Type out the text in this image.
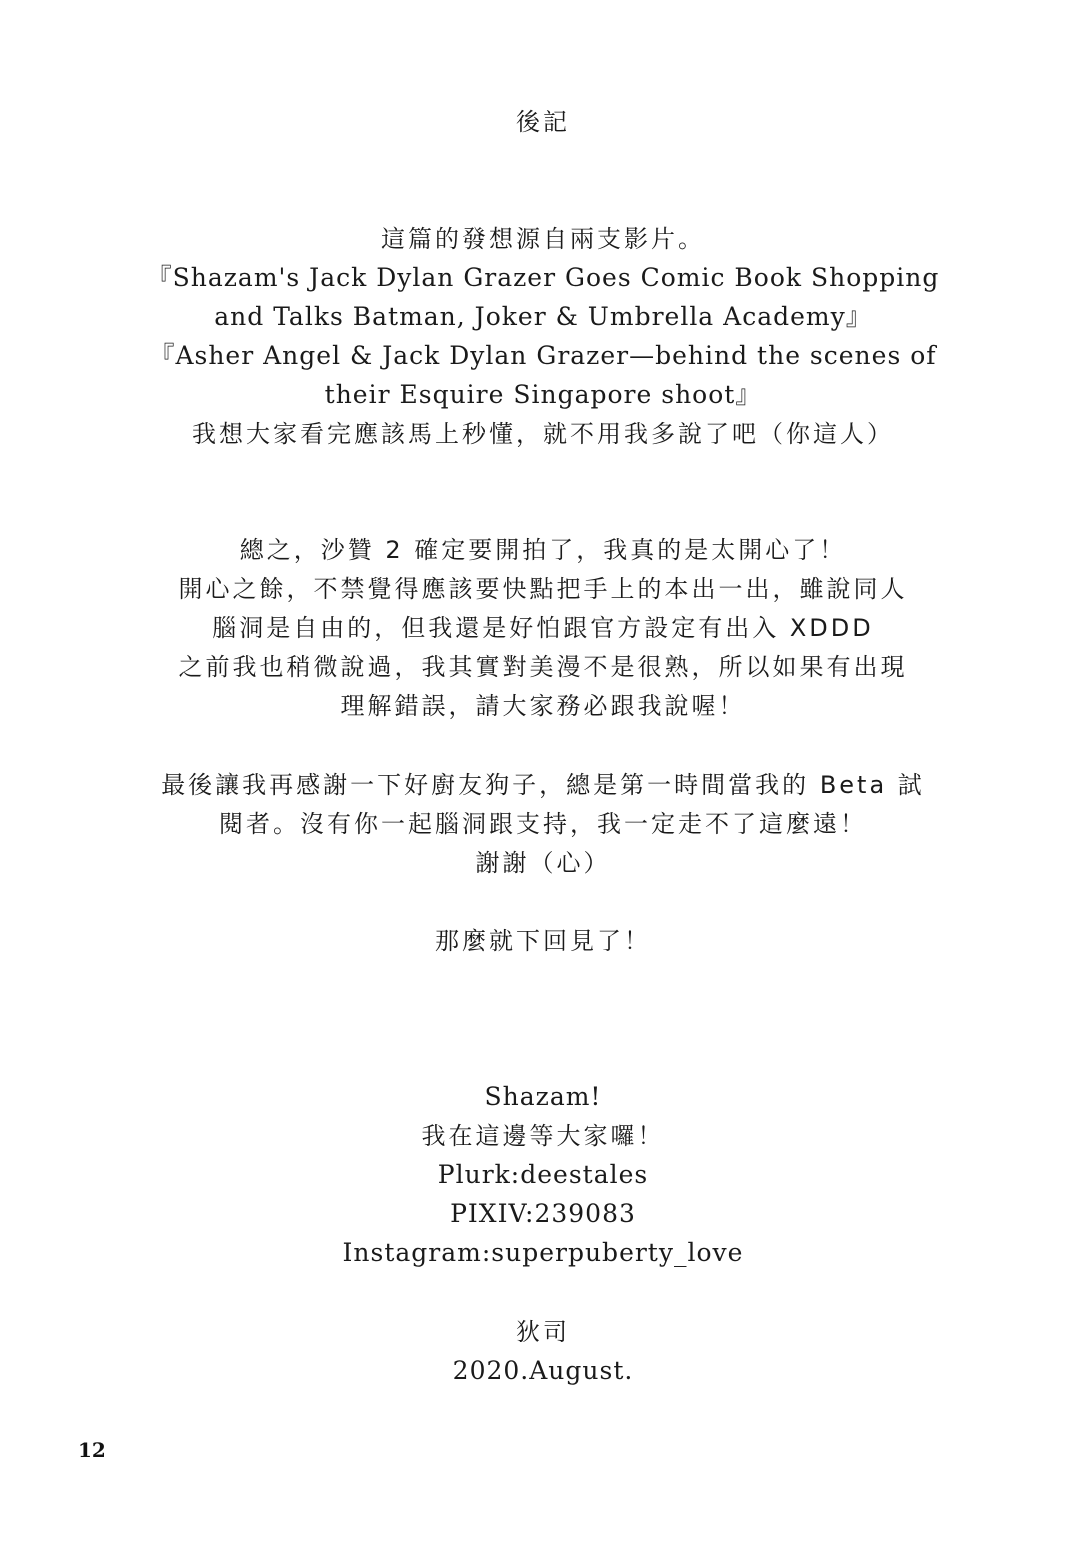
後記
這篇的發想源自兩支影片。
『Shazam's Jack Dylan Grazer Goes Comic Book Shopping
and Talks Batman, Joker & Umbrella Academy』
『Asher Angel & Jack Dylan Grazer—behind the scenes of
their Esquire Singapore shoot』
我想大家看完應該馬上秒懂，就不用我多說了吧（你這人）
總之，沙贊 2 確定要開拍了，我真的是太開心了！
開心之餘，不禁覺得應該要快點把手上的本出一出，雖說同人
腦洞是自由的，但我還是好怕跟官方設定有出入 XDDD
之前我也稍微說過，我其實對美漫不是很熟，所以如果有出現
理解錯誤，請大家務必跟我說喔！
最後讓我再感謝一下好廚友狗子，總是第一時間當我的 Beta 試
閱者。沒有你一起腦洞跟支持，我一定走不了這麼遠！
謝謝（心）
那麼就下回見了！
Shazam!
我在這邊等大家囉！
Plurk:deestales
PIXIV:239083
Instagram:superpuberty_love
狄司
2020.August.
12
